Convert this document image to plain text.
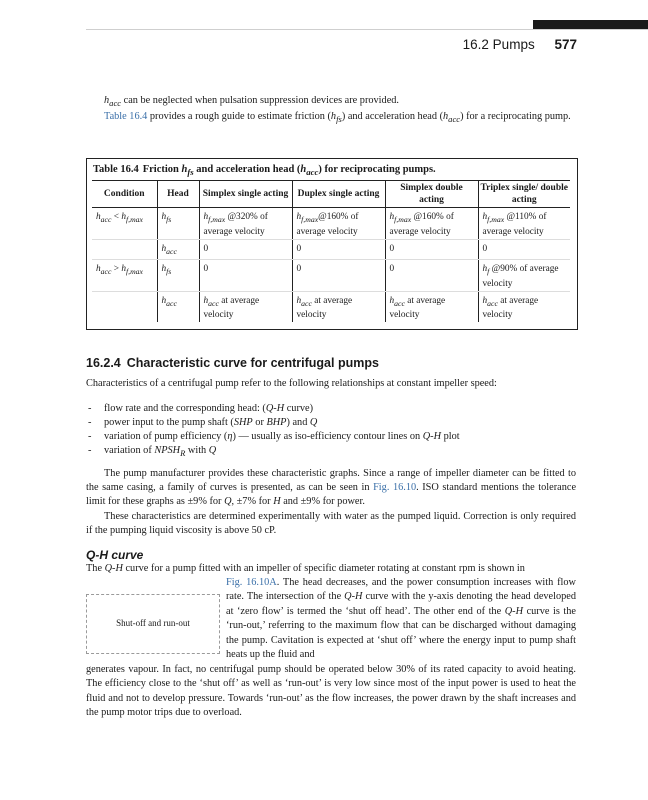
16.2 Pumps 577

$h_{acc}$ can be neglected when pulsation suppression devices are provided.

Table 16.4 provides a rough guide to estimate friction $(h_{fs})$ and acceleration head $(h_{acc})$ for a reciprocating pump.

Table 16.4 Friction $h_{fs}$ and acceleration head $(h_{acc})$ for reciprocating pumps.
Condition	Head	Simplex single acting	Duplex single acting	Simplex double acting	Triplex single/ double acting
$h_{acc} < h_{f,max}$	$h_{fs}$	$h_{f,max}$ @320% of average velocity	$h_{f,max}@160\%$ of average velocity	$h_{f,max}$ @160% of average velocity	$h_{f,max}$ @110% of average velocity
	$h_{acc}$	0	0	0	0
$h_{acc} > h_{f,max}$	$h_{fs}$	0	0	0	$h_f$ @90% of average velocity
	$h_{acc}$	$h_{acc}$ at average velocity	$h_{acc}$ at average velocity	$h_{acc}$ at average velocity	$h_{acc}$ at average velocity
16.2.4 Characteristic curve for centrifugal pumps

Characteristics of a centrifugal pump refer to the following relationships at constant impeller speed:

- flow rate and the corresponding head: (Q-H curve)
- power input to the pump shaft (SHP or BHP) and Q
- variation of pump efficiency (η) — usually as iso-efficiency contour lines on Q-H plot
- variation of $NPSH_R$ with Q

The pump manufacturer provides these characteristic graphs. Since a range of impeller diameter can be fitted to the same casing, a family of curves is presented, as can be seen in Fig. 16.10. ISO standard mentions the tolerance limit for these graphs as ±9% for Q, ±7% for H and ±9% for power.

These characteristics are determined experimentally with water as the pumped liquid. Correction is only required if the pumping liquid viscosity is above 50 cP.

Q-H curve

The Q-H curve for a pump fitted with an impeller of specific diameter rotating at constant rpm is shown in

Shut-off and run-out

Fig. 16.10A. The head decreases, and the power consumption increases with flow rate. The intersection of the Q-H curve with the y-axis denoting the head developed at ‘zero flow’ is termed the ‘shut off head’. The other end of the Q-H curve is the ‘run-out,’ referring to the maximum flow that can be discharged without damaging the pump. Cavitation is expected at ‘shut off’ where the energy input to pump shaft heats up the fluid and

generates vapour. In fact, no centrifugal pump should be operated below 30% of its rated capacity to avoid heating. The efficiency close to the ‘shut off’ as well as ‘run-out’ is very low since most of the input power is used to heat the fluid and not to develop pressure. Towards ‘run-out’ as the flow increases, the power drawn by the shaft increases and the pump motor trips due to overload.
